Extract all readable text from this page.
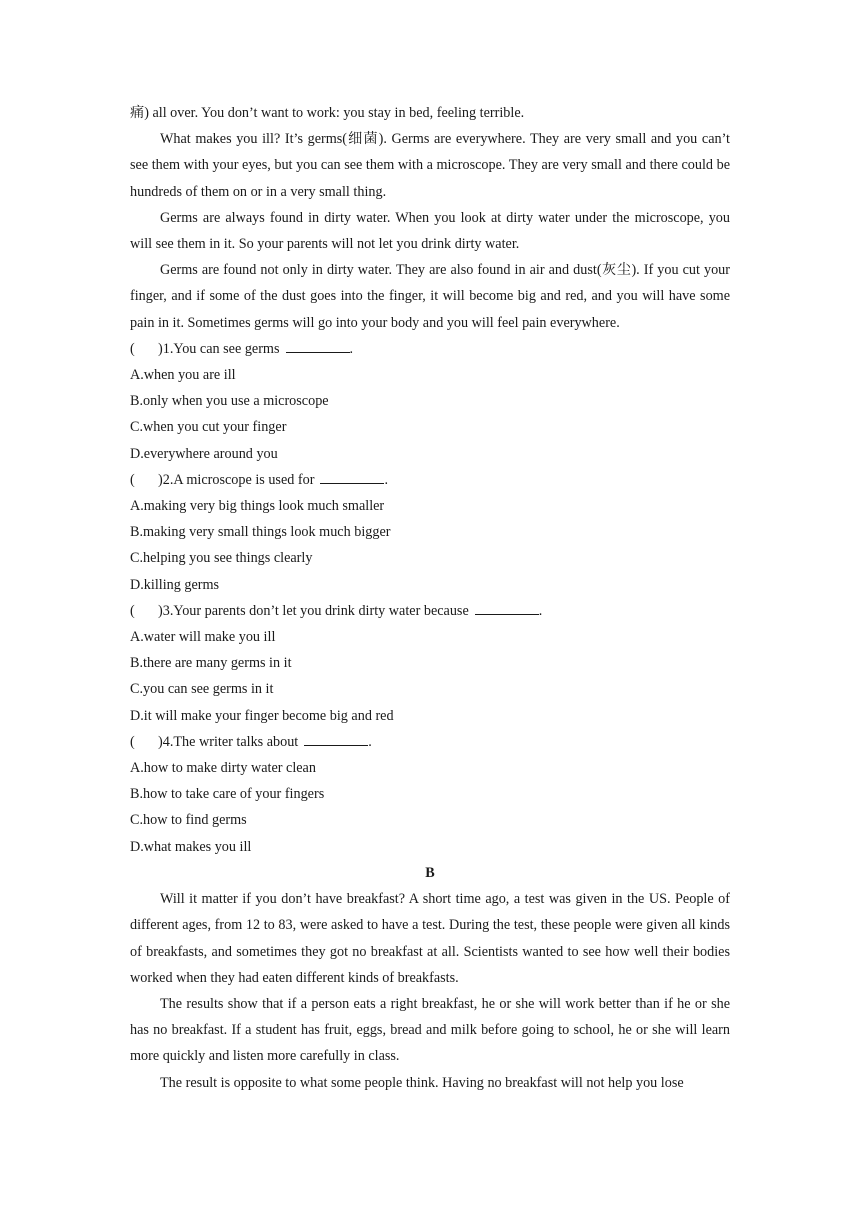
痛) all over. You don’t want to work: you stay in bed, feeling terrible.

What makes you ill? It’s germs(细菌). Germs are everywhere. They are very small and you can’t see them with your eyes, but you can see them with a microscope. They are very small and there could be hundreds of them on or in a very small thing.

Germs are always found in dirty water. When you look at dirty water under the microscope, you will see them in it. So your parents will not let you drink dirty water.

Germs are found not only in dirty water. They are also found in air and dust(灰尘). If you cut your finger, and if some of the dust goes into the finger, it will become big and red, and you will have some pain in it. Sometimes germs will go into your body and you will feel pain everywhere.

( )1.You can see germs	.
A.when you are ill
B.only when you use a microscope
C.when you cut your finger
D.everywhere around you
( )2.A microscope is used for	.
A.making very big things look much smaller
B.making very small things look much bigger
C.helping you see things clearly
D.killing germs
( )3.Your parents don’t let you drink dirty water because	.
A.water will make you ill
B.there are many germs in it
C.you can see germs in it
D.it will make your finger become big and red
( )4.The writer talks about	.
A.how to make dirty water clean
B.how to take care of your fingers
C.how to find germs
D.what makes you ill
B

Will it matter if you don’t have breakfast? A short time ago, a test was given in the US. People of different ages, from 12 to 83, were asked to have a test. During the test, these people were given all kinds of breakfasts, and sometimes they got no breakfast at all. Scientists wanted to see how well their bodies worked when they had eaten different kinds of breakfasts.

The results show that if a person eats a right breakfast, he or she will work better than if he or she has no breakfast. If a student has fruit, eggs, bread and milk before going to school, he or she will learn more quickly and listen more carefully in class.

The result is opposite to what some people think. Having no breakfast will not help you lose
